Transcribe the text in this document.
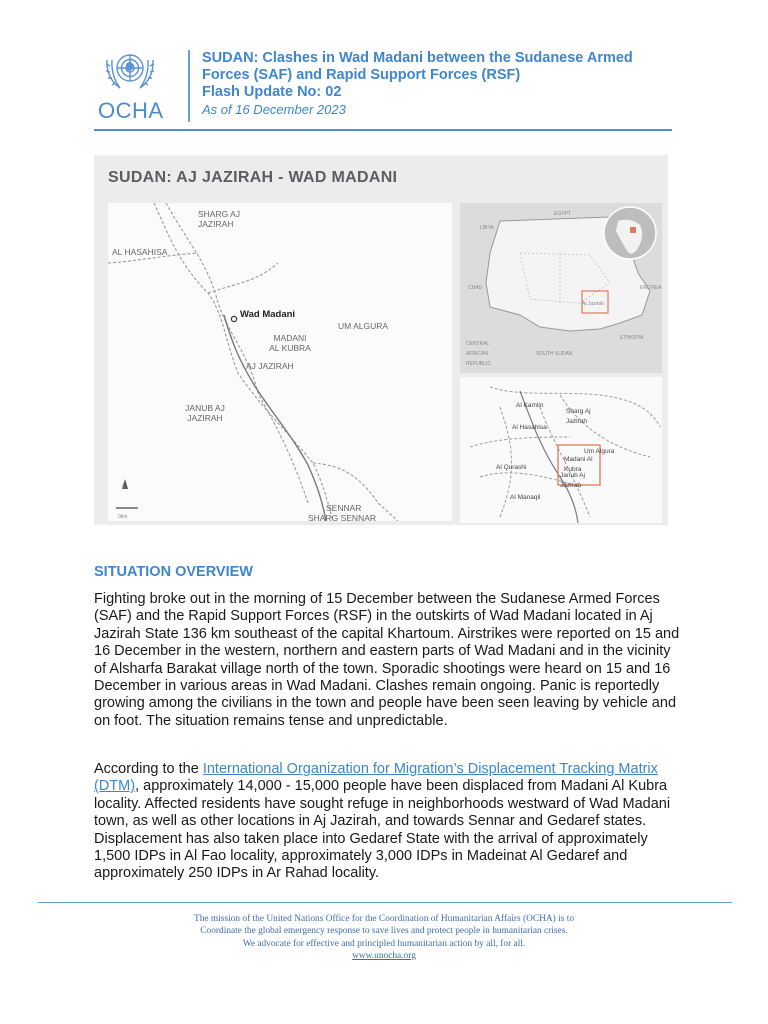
OCHA
SUDAN: Clashes in Wad Madani between the Sudanese Armed
Forces (SAF) and Rapid Support Forces (RSF)
Flash Update No: 02
As of 16 December 2023
SUDAN: AJ JAZIRAH - WAD MADANI
SHARG AJ JAZIRAH
AL HASAHISA
Wad Madani
UM ALGURA
MADANI AL KUBRA
AJ JAZIRAH
JANUB AJ JAZIRAH
SENNAR
SHARG SENNAR
N
0km
LIBYA
EGYPT
CHAD	ERITREA
ETHIOPIA
SOUTH SUDAN
CENTRAL AFRICAN REPUBLIC
Aj Jazirah
Al Kamlin
Sharg Aj Jazirah
Al Hasahisa
Al Qurashi
Um Algura
Madani Al Kubra
Janub Aj Jazirah
Al Manaqil
SITUATION OVERVIEW
Fighting broke out in the morning of 15 December between the Sudanese Armed Forces (SAF) and the Rapid Support Forces (RSF) in the outskirts of Wad Madani located in Aj Jazirah State 136 km southeast of the capital Khartoum. Airstrikes were reported on 15 and 16 December in the western, northern and eastern parts of Wad Madani and in the vicinity of Alsharfa Barakat village north of the town. Sporadic shootings were heard on 15 and 16 December in various areas in Wad Madani. Clashes remain ongoing. Panic is reportedly growing among the civilians in the town and people have been seen leaving by vehicle and on foot. The situation remains tense and unpredictable.
According to the International Organization for Migration’s Displacement Tracking Matrix (DTM), approximately 14,000 - 15,000 people have been displaced from Madani Al Kubra locality. Affected residents have sought refuge in neighborhoods westward of Wad Madani town, as well as other locations in Aj Jazirah, and towards Sennar and Gedaref states. Displacement has also taken place into Gedaref State with the arrival of approximately 1,500 IDPs in Al Fao locality, approximately 3,000 IDPs in Madeinat Al Gedaref and approximately 250 IDPs in Ar Rahad locality.
The mission of the United Nations Office for the Coordination of Humanitarian Affairs (OCHA) is to
Coordinate the global emergency response to save lives and protect people in humanitarian crises.
We advocate for effective and principled humanitarian action by all, for all.
www.unocha.org
